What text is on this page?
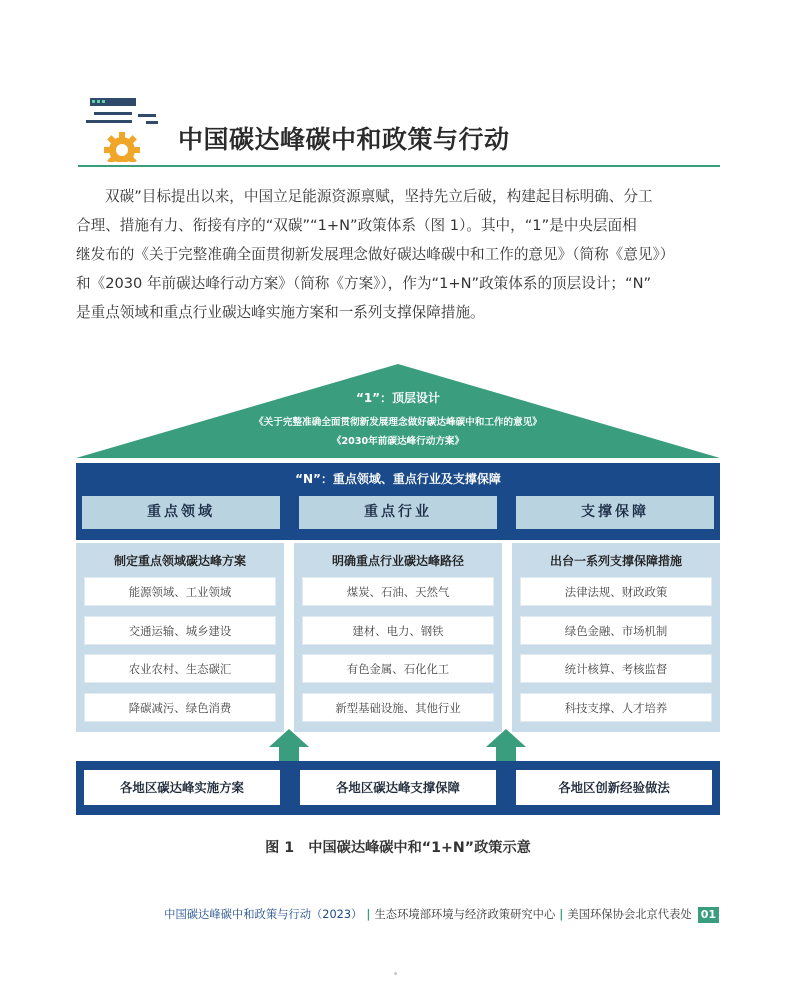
中国碳达峰碳中和政策与行动

双碳”目标提出以来，中国立足能源资源禀赋，坚持先立后破，构建起目标明确、分工

合理、措施有力、衔接有序的“双碳”“1+N”政策体系（图 1）。其中，“1”是中央层面相

继发布的《关于完整准确全面贯彻新发展理念做好碳达峰碳中和工作的意见》（简称《意见》）

和《2030 年前碳达峰行动方案》（简称《方案》），作为“1+N”政策体系的顶层设计；“N”

是重点领域和重点行业碳达峰实施方案和一系列支撑保障措施。

“1”：顶层设计
《关于完整准确全面贯彻新发展理念做好碳达峰碳中和工作的意见》
《2030年前碳达峰行动方案》
“N”：重点领域、重点行业及支撑保障
重点领域	重点行业	支撑保障
制定重点领域碳达峰方案	明确重点行业碳达峰路径	出台一系列支撑保障措施
能源领域、工业领域
交通运输、城乡建设
农业农村、生态碳汇
降碳减污、绿色消费
煤炭、石油、天然气
建材、电力、钢铁
有色金属、石化化工
新型基础设施、其他行业
法律法规、财政政策
绿色金融、市场机制
统计核算、考核监督
科技支撑、人才培养
各地区碳达峰实施方案	各地区碳达峰支撑保障	各地区创新经验做法
图 1　中国碳达峰碳中和“1+N”政策示意
中国碳达峰碳中和政策与行动（2023） | 生态环境部环境与经济政策研究中心 | 美国环保协会北京代表处 01
